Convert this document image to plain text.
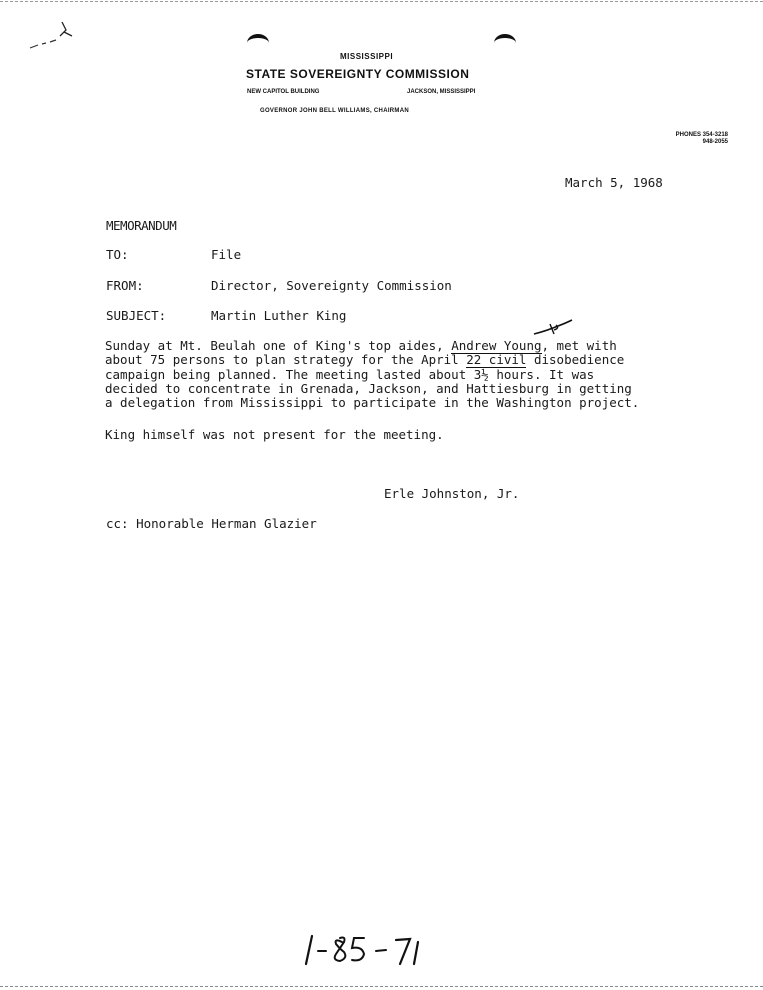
MISSISSIPPI
STATE SOVEREIGNTY COMMISSION
NEW CAPITOL BUILDING	JACKSON, MISSISSIPPI
GOVERNOR JOHN BELL WILLIAMS, CHAIRMAN
PHONES 354-3218
948-2055
March 5, 1968
MEMORANDUM
TO:	File
FROM:	Director, Sovereignty Commission
SUBJECT:	Martin Luther King
Sunday at Mt. Beulah one of King's top aides, Andrew Young, met with
about 75 persons to plan strategy for the April 22 civil disobedience
campaign being planned. The meeting lasted about 3½ hours. It was
decided to concentrate in Grenada, Jackson, and Hattiesburg in getting
a delegation from Mississippi to participate in the Washington project.
King himself was not present for the meeting.
Erle Johnston, Jr.
cc: Honorable Herman Glazier
